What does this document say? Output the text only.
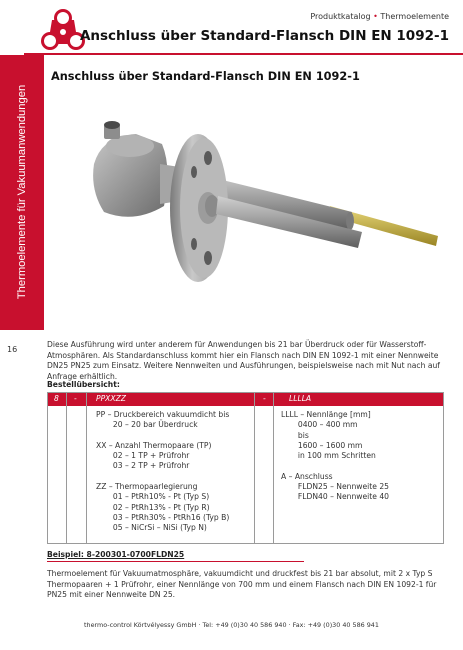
Produktkatalog • Thermoelemente
Anschluss über Standard-Flansch DIN EN 1092-1
Thermoelemente für Vakuumanwendungen
16
Anschluss über Standard-Flansch DIN EN 1092-1
Diese Ausführung wird unter anderem für Anwendungen bis 21 bar Überdruck oder für Wasserstoff-Atmosphären. Als Standardanschluss kommt hier ein Flansch nach DIN EN 1092-1 mit einer Nennweite DN25 PN25 zum Einsatz. Weitere Nennweiten und Ausführungen, beispielsweise nach mit Nut nach auf Anfrage erhältlich.
Bestellübersicht:
8 -	PPXXZZ	-	LLLLA
PP – Druckbereich vakuumdicht bis
20 – 20 bar Überdruck

XX – Anzahl Thermopaare (TP)
02 – 1 TP + Prüfrohr
03 – 2 TP + Prüfrohr

ZZ – Thermopaarlegierung
01 – PtRh10% - Pt (Typ S)
02 – PtRh13% - Pt (Typ R)
03 – PtRh30% - PtRh16 (Typ B)
05 – NiCrSi – NiSi (Typ N)
LLLL – Nennlänge [mm]
0400 – 400 mm
bis
1600 – 1600 mm
in 100 mm Schritten

A – Anschluss
FLDN25 – Nennweite 25
FLDN40 – Nennweite 40
Beispiel: 8-200301-0700FLDN25
Thermoelement für Vakuumatmosphäre, vakuumdicht und druckfest bis 21 bar absolut, mit 2 x Typ S Thermopaaren + 1 Prüfrohr, einer Nennlänge von 700 mm und einem Flansch nach DIN EN 1092-1 für PN25 mit einer Nennweite DN 25.
thermo-control Körtvélyessy GmbH · Tel: +49 (0)30 40 586 940 · Fax: +49 (0)30 40 586 941
